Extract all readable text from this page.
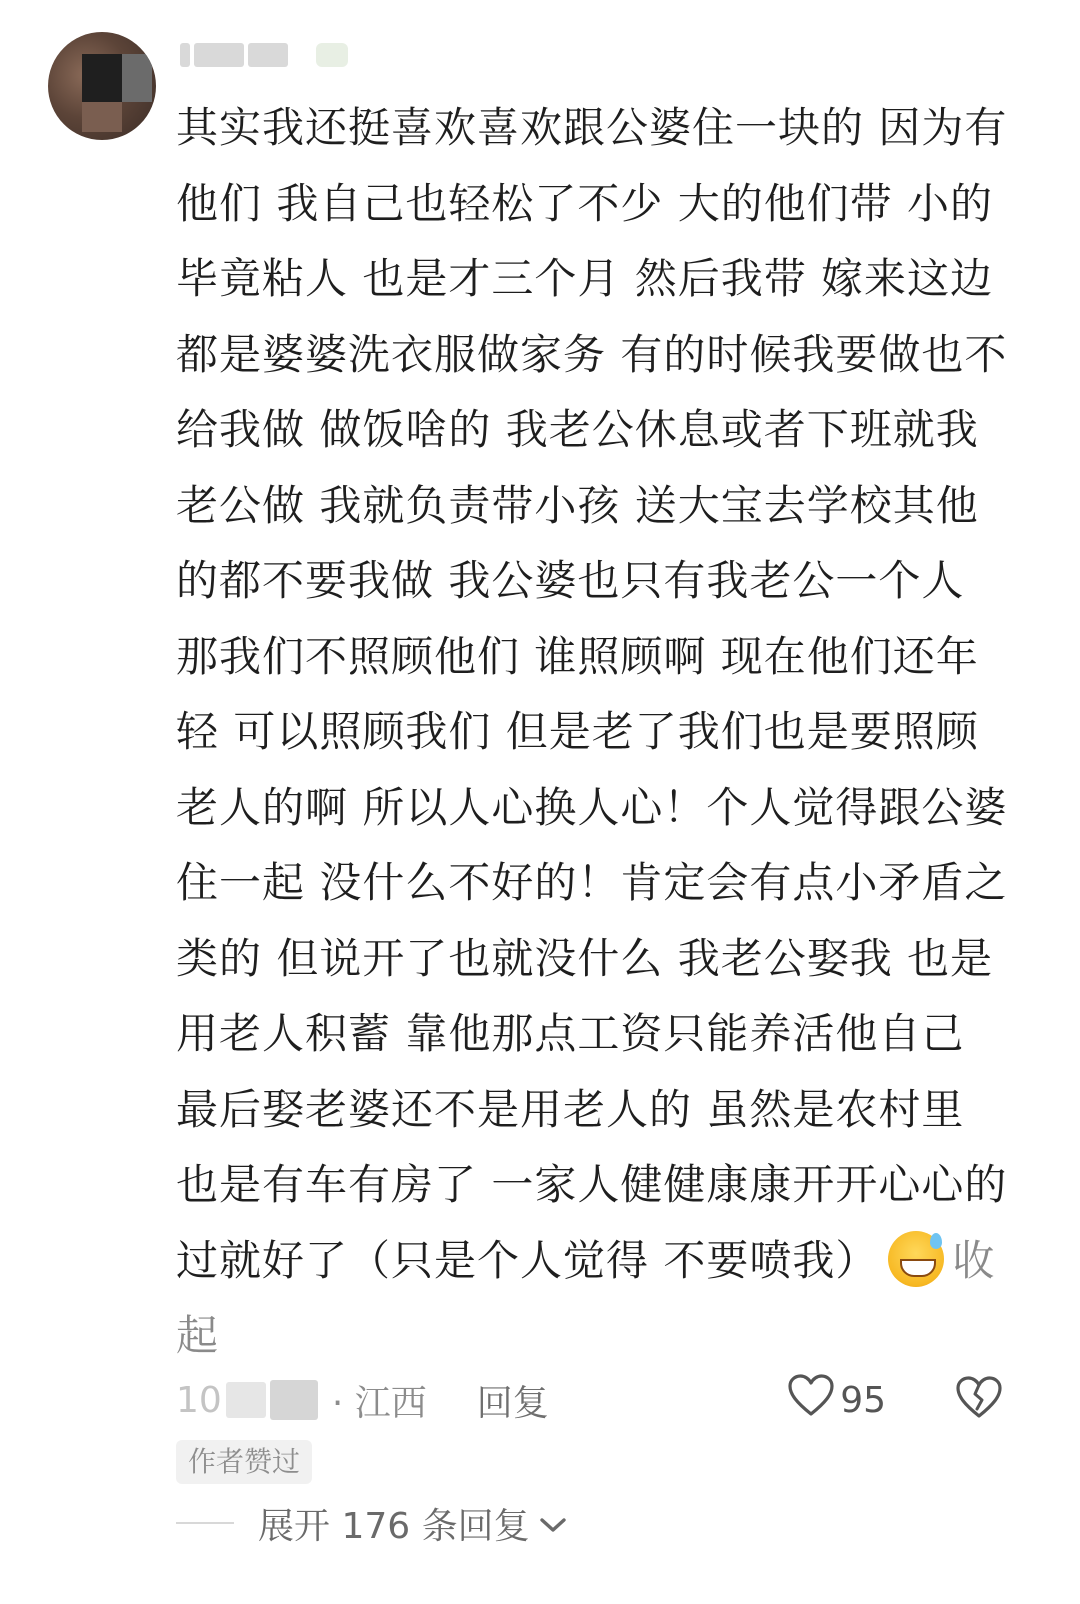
其实我还挺喜欢喜欢跟公婆住一块的 因为有他们 我自己也轻松了不少 大的他们带 小的毕竟粘人 也是才三个月 然后我带 嫁来这边都是婆婆洗衣服做家务 有的时候我要做也不给我做 做饭啥的 我老公休息或者下班就我老公做 我就负责带小孩 送大宝去学校其他的都不要我做 我公婆也只有我老公一个人 那我们不照顾他们 谁照顾啊 现在他们还年轻 可以照顾我们 但是老了我们也是要照顾老人的啊 所以人心换人心！个人觉得跟公婆住一起 没什么不好的！肯定会有点小矛盾之类的 但说开了也就没什么 我老公娶我 也是用老人积蓄 靠他那点工资只能养活他自己 最后娶老婆还不是用老人的 虽然是农村里 也是有车有房了 一家人健健康康开开心心的过就好了（只是个人觉得 不要喷我） 收起

10	· 江西 回复	95
作者赞过
展开 176 条回复
